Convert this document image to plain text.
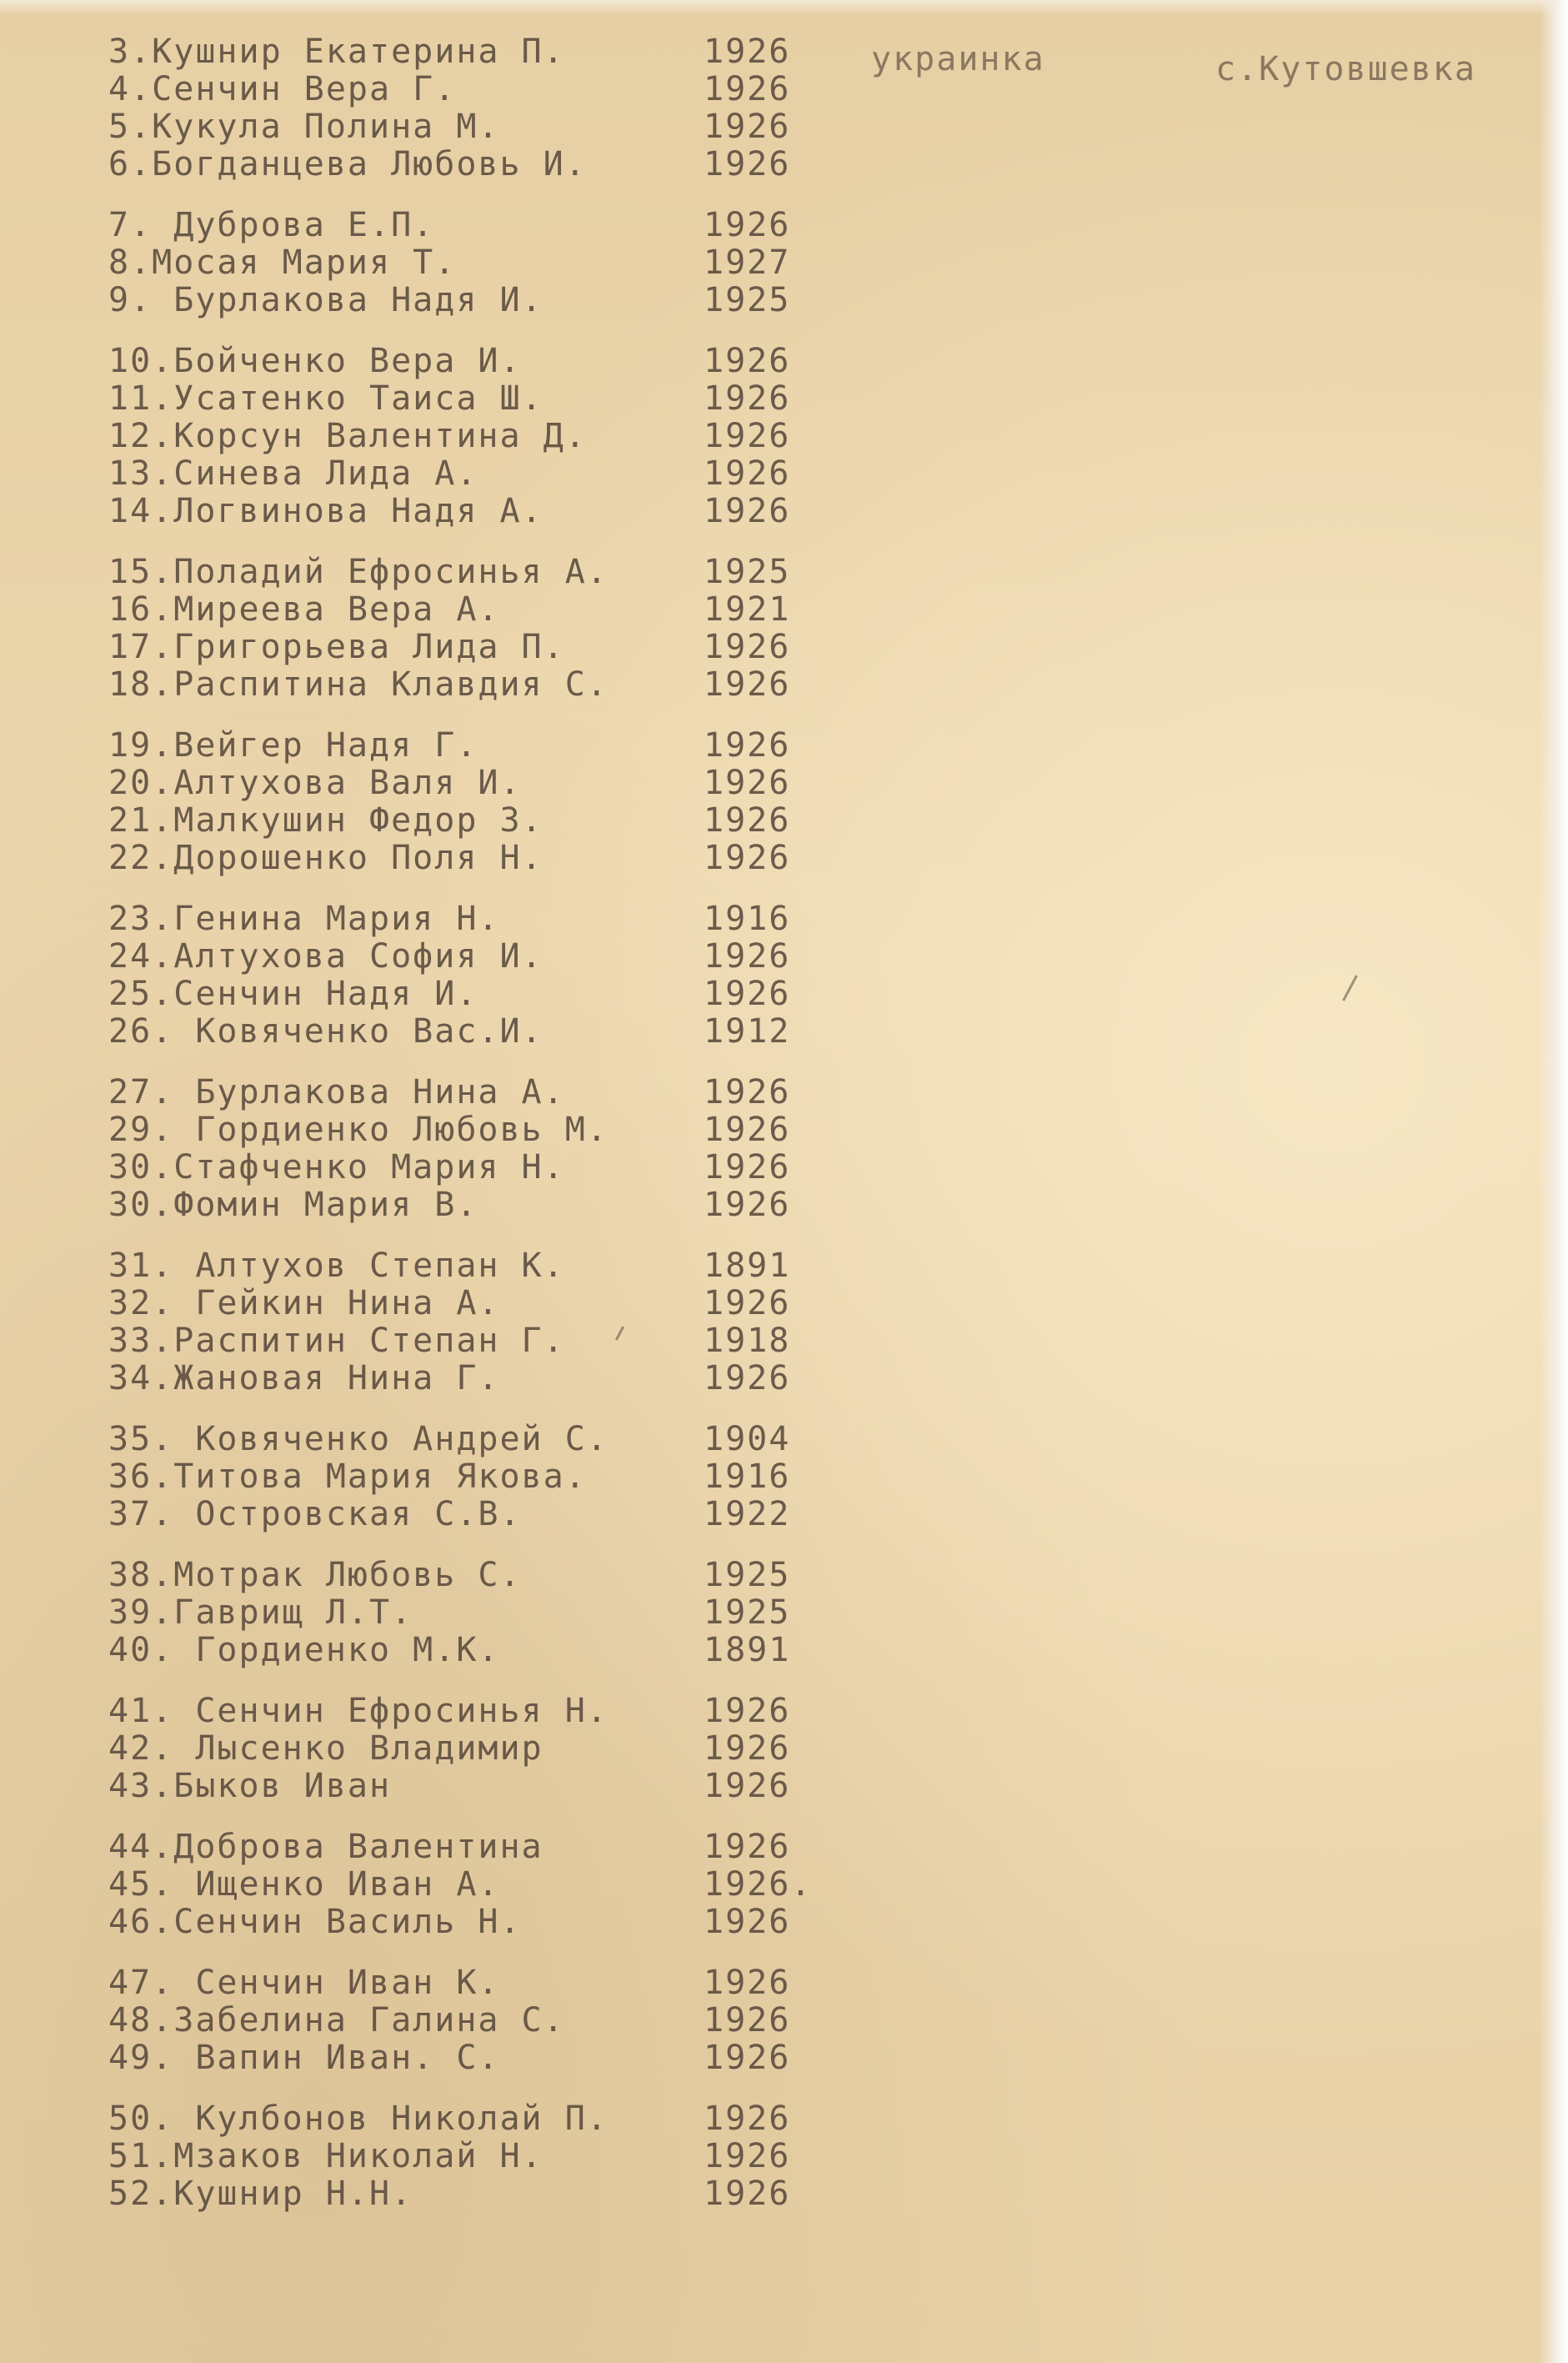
украинка	с.Кутовшевка
3.Кушнир Екатерина П.	1926
4.Сенчин Вера Г.	1926
5.Кукула Полина М.	1926
6.Богданцева Любовь И.	1926
7. Дуброва Е.П.	1926
8.Мосая Мария Т.	1927
9. Бурлакова Надя И.	1925
10.Бойченко Вера И.	1926
11.Усатенко Таиса Ш.	1926
12.Корсун Валентина Д.	1926
13.Синева Лида А.	1926
14.Логвинова Надя А.	1926
15.Поладий Ефросинья А.	1925
16.Миреева Вера А.	1921
17.Григорьева Лида П.	1926
18.Распитина Клавдия С.	1926
19.Вейгер Надя Г.	1926
20.Алтухова Валя И.	1926
21.Малкушин Федор З.	1926
22.Дорошенко Поля Н.	1926
23.Генина Мария Н.	1916
24.Алтухова София И.	1926
25.Сенчин Надя И.	1926
26. Ковяченко Вас.И.	1912
27. Бурлакова Нина А.	1926
29. Гордиенко Любовь М.	1926
30.Стафченко Мария Н.	1926
30.Фомин Мария В.	1926
31. Алтухов Степан К.	1891
32. Гейкин Нина А.	1926
33.Распитин Степан Г.	1918
34.Жановая Нина Г.	1926
35. Ковяченко Андрей С.	1904
36.Титова Мария Якова.	1916
37. Островская С.В.	1922
38.Мотрак Любовь С.	1925
39.Гаврищ Л.Т.	1925
40. Гордиенко М.К.	1891
41. Сенчин Ефросинья Н.	1926
42. Лысенко Владимир	1926
43.Быков Иван	1926
44.Доброва Валентина	1926
45. Ищенко Иван А.	1926.
46.Сенчин Василь Н.	1926
47. Сенчин Иван К.	1926
48.Забелина Галина С.	1926
49. Вапин Иван. С.	1926
50. Кулбонов Николай П.	1926
51.Мзаков Николай Н.	1926
52.Кушнир Н.Н.	1926
